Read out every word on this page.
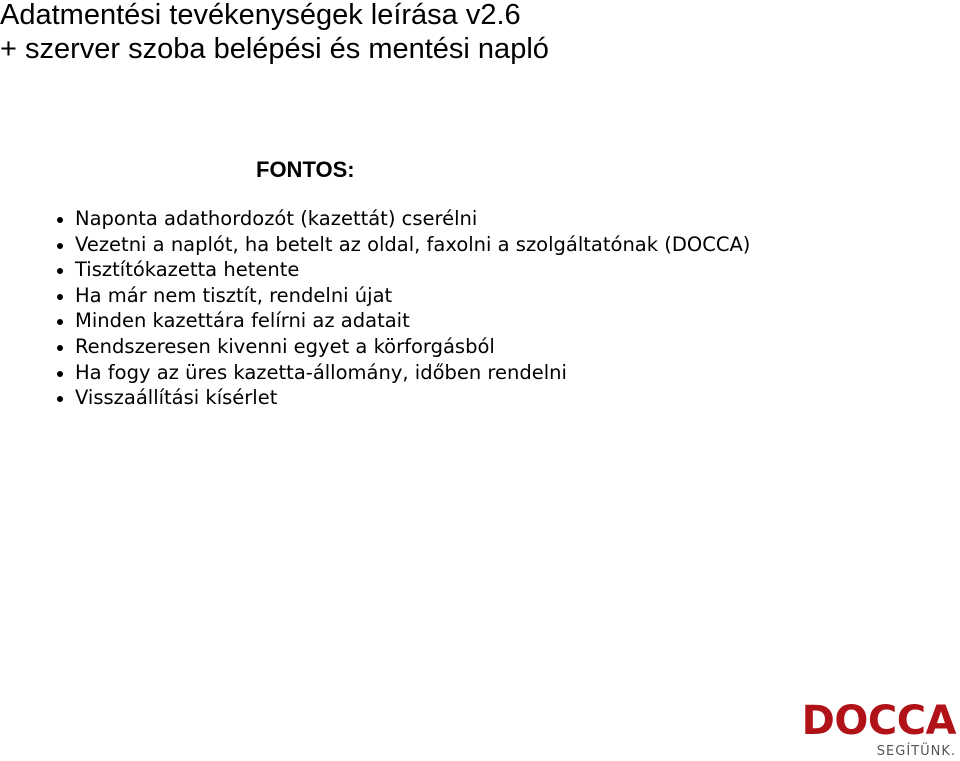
Adatmentési tevékenységek leírása v2.6
+ szerver szoba belépési és mentési napló
FONTOS:
Naponta adathordozót (kazettát) cserélni
Vezetni a naplót, ha betelt az oldal, faxolni a szolgáltatónak (DOCCA)
Tisztítókazetta hetente
Ha már nem tisztít, rendelni újat
Minden kazettára felírni az adatait
Rendszeresen kivenni egyet a körforgásból
Ha fogy az üres kazetta-állomány, időben rendelni
Visszaállítási kísérlet
DOCCA
SEGÍTÜNK.
